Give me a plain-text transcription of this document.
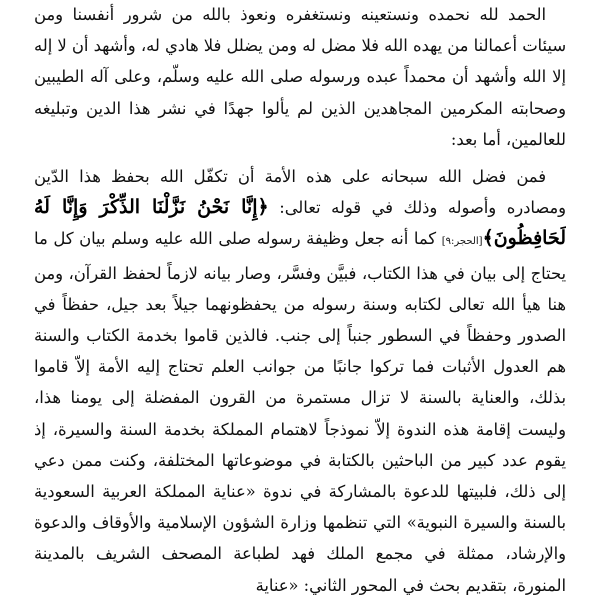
الحمد لله نحمده ونستعينه ونستغفره ونعوذ بالله من شرور أنفسنا ومن سيئات أعمالنا من يهده الله فلا مضل له ومن يضلل فلا هادي له، وأشهد أن لا إله إلا الله وأشهد أن محمداً عبده ورسوله صلى الله عليه وسلّم، وعلى آله الطيبين وصحابته المكرمين المجاهدين الذين لم يألوا جهدًا في نشر هذا الدين وتبليغه للعالمين، أما بعد:

فمن فضل الله سبحانه على هذه الأمة أن تكفّل الله بحفظ هذا الدّين ومصادره وأصوله وذلك في قوله تعالى: ﴿إِنَّا نَحْنُ نَزَّلْنَا الذِّكْرَ وَإِنَّا لَهُ لَحَافِظُونَ﴾[الحجر:٩] كما أنه جعل وظيفة رسوله صلى الله عليه وسلم بيان كل ما يحتاج إلى بيان في هذا الكتاب، فبيَّن وفسَّر، وصار بيانه لازماً لحفظ القرآن، ومن هنا هيأ الله تعالى لكتابه وسنة رسوله من يحفظونهما جيلاً بعد جيل، حفظاً في الصدور وحفظاً في السطور جنباً إلى جنب. فالذين قاموا بخدمة الكتاب والسنة هم العدول الأثبات فما تركوا جانبًا من جوانب العلم تحتاج إليه الأمة إلاّ قاموا بذلك، والعناية بالسنة لا تزال مستمرة من القرون المفضلة إلى يومنا هذا، وليست إقامة هذه الندوة إلاّ نموذجاً لاهتمام المملكة بخدمة السنة والسيرة، إذ يقوم عدد كبير من الباحثين بالكتابة في موضوعاتها المختلفة، وكنت ممن دعي إلى ذلك، فلبيتها للدعوة بالمشاركة في ندوة «عناية المملكة العربية السعودية بالسنة والسيرة النبوية» التي تنظمها وزارة الشؤون الإسلامية والأوقاف والدعوة والإرشاد، ممثلة في مجمع الملك فهد لطباعة المصحف الشريف بالمدينة المنورة، بتقديم بحث في المحور الثاني: «عناية
